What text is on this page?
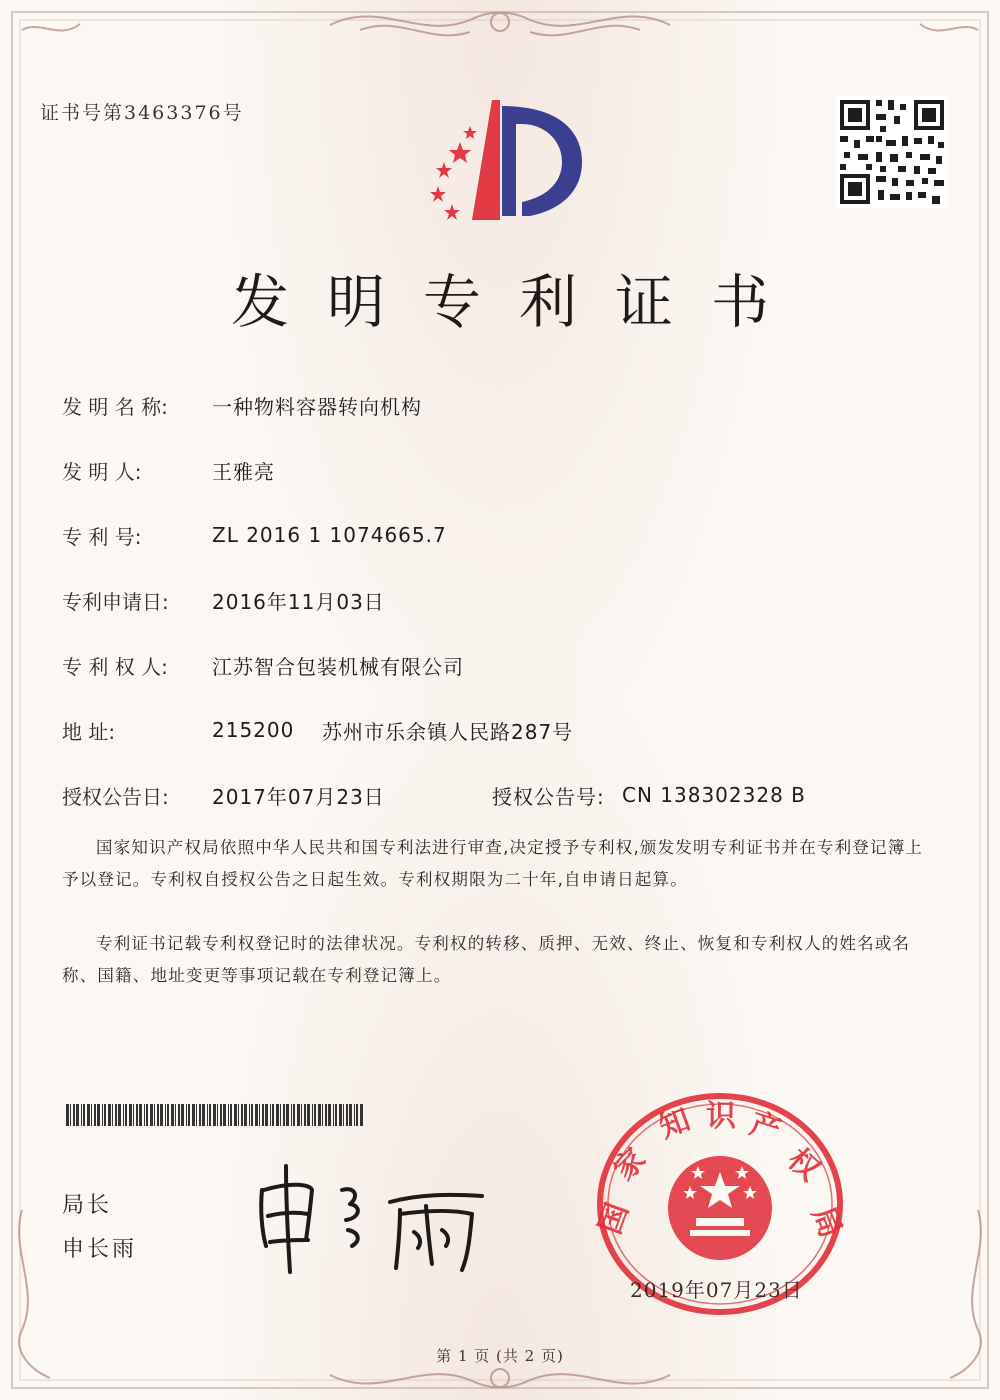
证书号第3463376号
发明专利证书
发 明 名 称:	一种物料容器转向机构
发 明 人:	王雅亮
专 利 号:	ZL 2016 1 1074665.7
专利申请日:	2016年11月03日
专 利 权 人:	江苏智合包装机械有限公司
地 址:	215200	苏州市乐余镇人民路287号
授权公告日:	2017年07月23日	授权公告号: CN 138302328 B
国家知识产权局依照中华人民共和国专利法进行审查,决定授予专利权,颁发发明专利证书并在专利登记簿上予以登记。专利权自授权公告之日起生效。专利权期限为二十年,自申请日起算。
专利证书记载专利权登记时的法律状况。专利权的转移、质押、无效、终止、恢复和专利权人的姓名或名称、国籍、地址变更等事项记载在专利登记簿上。
局长
申长雨
国
家
知 识 产
权
局
2019年07月23日
第 1 页 (共 2 页)
